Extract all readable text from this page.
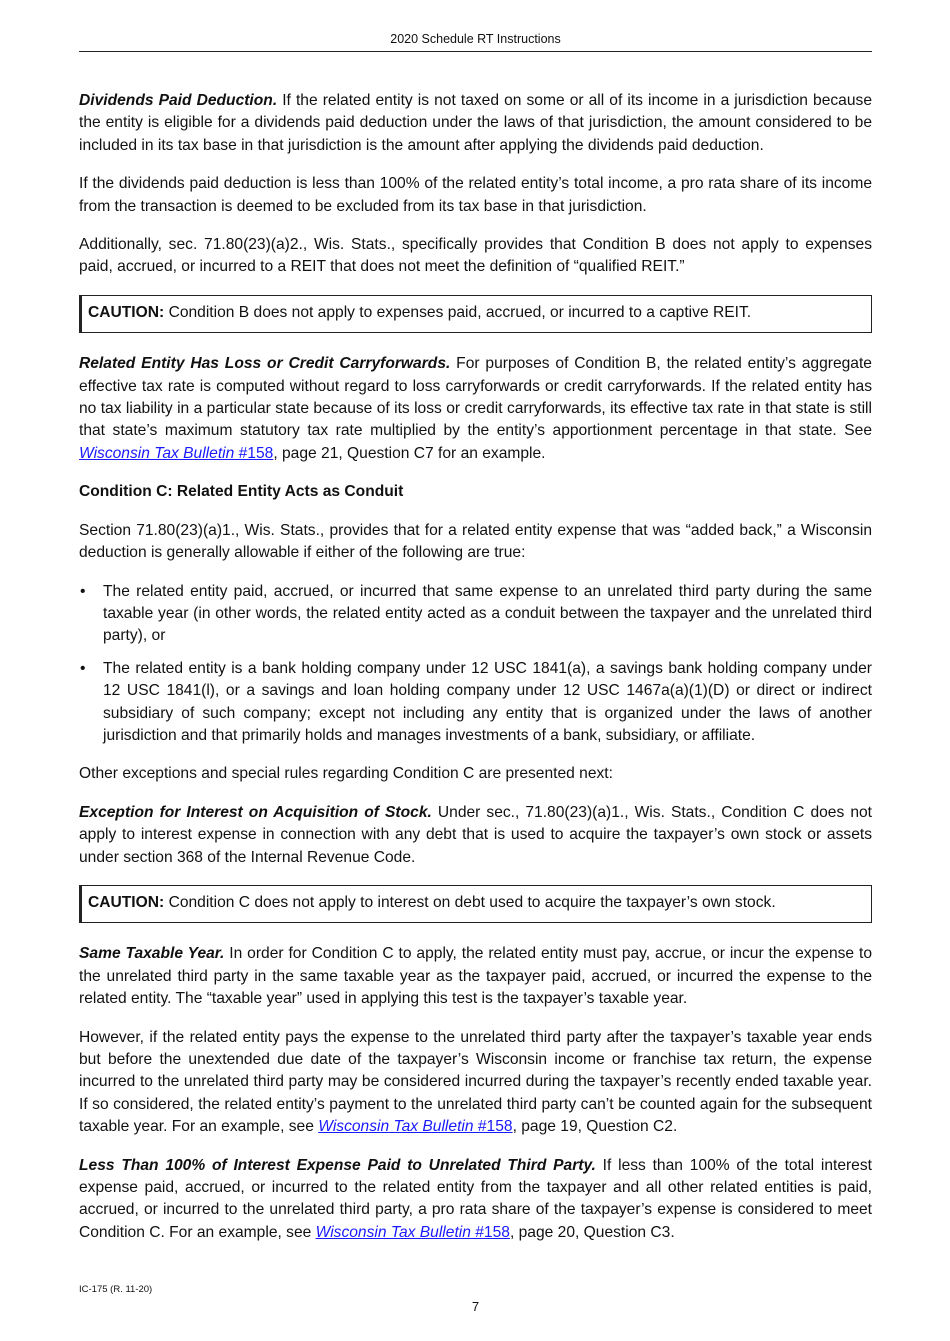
2020 Schedule RT Instructions

Dividends Paid Deduction. If the related entity is not taxed on some or all of its income in a jurisdiction because the entity is eligible for a dividends paid deduction under the laws of that jurisdiction, the amount considered to be included in its tax base in that jurisdiction is the amount after applying the dividends paid deduction.

If the dividends paid deduction is less than 100% of the related entity’s total income, a pro rata share of its income from the transaction is deemed to be excluded from its tax base in that jurisdiction.

Additionally, sec. 71.80(23)(a)2., Wis. Stats., specifically provides that Condition B does not apply to expenses paid, accrued, or incurred to a REIT that does not meet the definition of “qualified REIT.”

CAUTION: Condition B does not apply to expenses paid, accrued, or incurred to a captive REIT.

Related Entity Has Loss or Credit Carryforwards. For purposes of Condition B, the related entity’s aggregate effective tax rate is computed without regard to loss carryforwards or credit carryforwards. If the related entity has no tax liability in a particular state because of its loss or credit carryforwards, its effective tax rate in that state is still that state’s maximum statutory tax rate multiplied by the entity’s apportionment percentage in that state. See Wisconsin Tax Bulletin #158, page 21, Question C7 for an example.

Condition C: Related Entity Acts as Conduit

Section 71.80(23)(a)1., Wis. Stats., provides that for a related entity expense that was “added back,” a Wisconsin deduction is generally allowable if either of the following are true:

• The related entity paid, accrued, or incurred that same expense to an unrelated third party during the same taxable year (in other words, the related entity acted as a conduit between the taxpayer and the unrelated third party), or
• The related entity is a bank holding company under 12 USC 1841(a), a savings bank holding company under 12 USC 1841(l), or a savings and loan holding company under 12 USC 1467a(a)(1)(D) or direct or indirect subsidiary of such company; except not including any entity that is organized under the laws of another jurisdiction and that primarily holds and manages investments of a bank, subsidiary, or affiliate.

Other exceptions and special rules regarding Condition C are presented next:

Exception for Interest on Acquisition of Stock. Under sec., 71.80(23)(a)1., Wis. Stats., Condition C does not apply to interest expense in connection with any debt that is used to acquire the taxpayer’s own stock or assets under section 368 of the Internal Revenue Code.

CAUTION: Condition C does not apply to interest on debt used to acquire the taxpayer’s own stock.

Same Taxable Year. In order for Condition C to apply, the related entity must pay, accrue, or incur the expense to the unrelated third party in the same taxable year as the taxpayer paid, accrued, or incurred the expense to the related entity. The “taxable year” used in applying this test is the taxpayer’s taxable year.

However, if the related entity pays the expense to the unrelated third party after the taxpayer’s taxable year ends but before the unextended due date of the taxpayer’s Wisconsin income or franchise tax return, the expense incurred to the unrelated third party may be considered incurred during the taxpayer’s recently ended taxable year. If so considered, the related entity’s payment to the unrelated third party can’t be counted again for the subsequent taxable year. For an example, see Wisconsin Tax Bulletin #158, page 19, Question C2.

Less Than 100% of Interest Expense Paid to Unrelated Third Party. If less than 100% of the total interest expense paid, accrued, or incurred to the related entity from the taxpayer and all other related entities is paid, accrued, or incurred to the unrelated third party, a pro rata share of the taxpayer’s expense is considered to meet Condition C. For an example, see Wisconsin Tax Bulletin #158, page 20, Question C3.

IC-175 (R. 11-20)
7
